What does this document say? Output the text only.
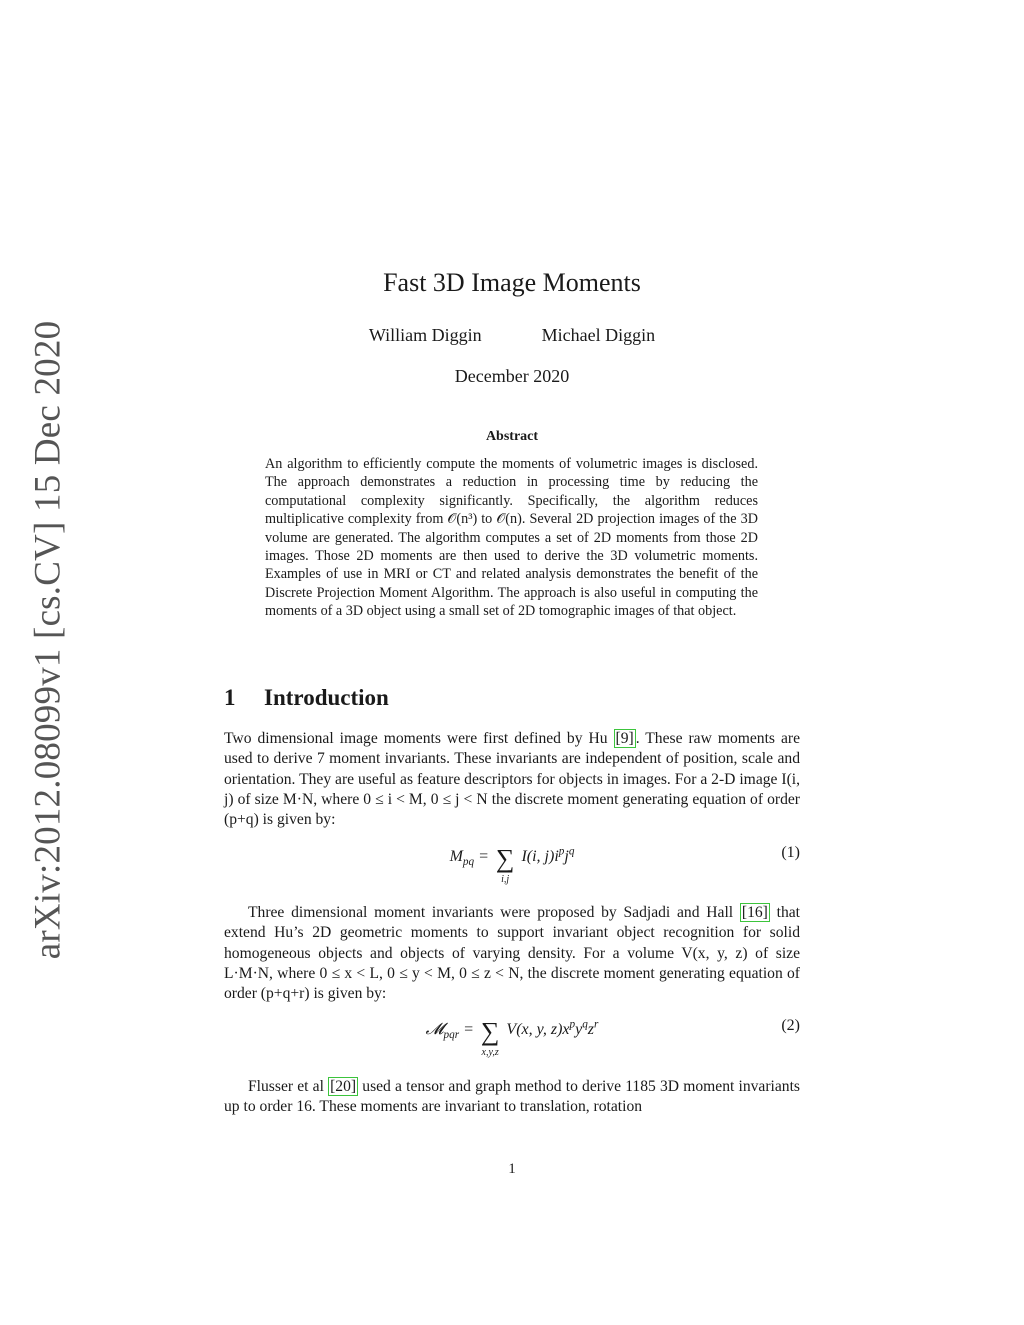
arXiv:2012.08099v1 [cs.CV] 15 Dec 2020
Fast 3D Image Moments
William Diggin	Michael Diggin
December 2020
Abstract

An algorithm to efficiently compute the moments of volumetric images is disclosed. The approach demonstrates a reduction in processing time by reducing the computational complexity significantly. Specifically, the algorithm reduces multiplicative complexity from 𝒪(n³) to 𝒪(n). Several 2D projection images of the 3D volume are generated. The algorithm computes a set of 2D moments from those 2D images. Those 2D moments are then used to derive the 3D volumetric moments. Examples of use in MRI or CT and related analysis demonstrates the benefit of the Discrete Projection Moment Algorithm. The approach is also useful in computing the moments of a 3D object using a small set of 2D tomographic images of that object.

1 Introduction

Two dimensional image moments were first defined by Hu [9] . These raw moments are used to derive 7 moment invariants. These invariants are independent of position, scale and orientation. They are useful as feature descriptors for objects in images. For a 2-D image I(i, j) of size M·N, where 0 ≤ i < M, 0 ≤ j < N the discrete moment generating equation of order (p+q) is given by:

$M_{pq}$ = ∑
i,j
I(i, $j)i^pj^q$	(1)

Three dimensional moment invariants were proposed by Sadjadi and Hall [16] that extend Hu’s 2D geometric moments to support invariant object recognition for solid homogeneous objects and objects of varying density. For a volume V(x, y, z) of size L·M·N, where 0 ≤ x < L, 0 ≤ y < M, 0 ≤ z < N, the discrete moment generating equation of order (p+q+r) is given by:

𝓜$_{pqr}$ = ∑
x,y,z
V(x, y, $z)x^py^qz^r$	(2)

Flusser et al [20] used a tensor and graph method to derive 1185 3D moment invariants up to order 16. These moments are invariant to translation, rotation

1
